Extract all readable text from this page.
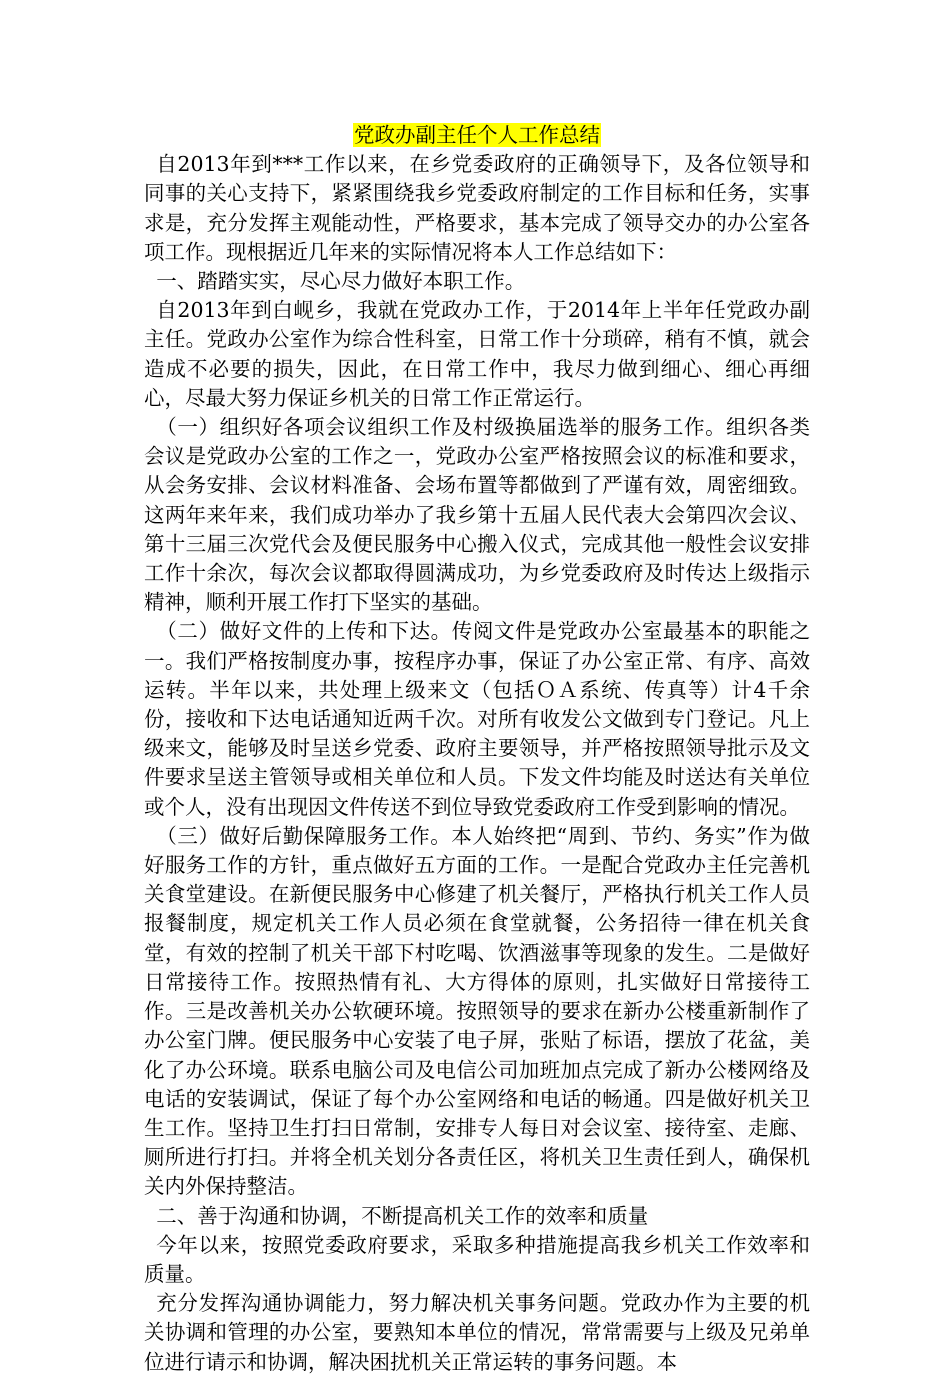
党政办副主任个人工作总结

自2013年到***工作以来，在乡党委政府的正确领导下，及各位领导和同事的关心支持下，紧紧围绕我乡党委政府制定的工作目标和任务，实事求是，充分发挥主观能动性，严格要求，基本完成了领导交办的办公室各项工作。现根据近几年来的实际情况将本人工作总结如下：

一、踏踏实实，尽心尽力做好本职工作。

自2013年到白岘乡，我就在党政办工作，于2014年上半年任党政办副主任。党政办公室作为综合性科室，日常工作十分琐碎，稍有不慎，就会造成不必要的损失，因此，在日常工作中，我尽力做到细心、细心再细心，尽最大努力保证乡机关的日常工作正常运行。

（一）组织好各项会议组织工作及村级换届选举的服务工作。组织各类会议是党政办公室的工作之一，党政办公室严格按照会议的标准和要求，从会务安排、会议材料准备、会场布置等都做到了严谨有效，周密细致。这两年来年来，我们成功举办了我乡第十五届人民代表大会第四次会议、第十三届三次党代会及便民服务中心搬入仪式，完成其他一般性会议安排工作十余次，每次会议都取得圆满成功，为乡党委政府及时传达上级指示精神，顺利开展工作打下坚实的基础。

（二）做好文件的上传和下达。传阅文件是党政办公室最基本的职能之一。我们严格按制度办事，按程序办事，保证了办公室正常、有序、高效运转。半年以来，共处理上级来文（包括ＯＡ系统、传真等）计4千余份，接收和下达电话通知近两千次。对所有收发公文做到专门登记。凡上级来文，能够及时呈送乡党委、政府主要领导，并严格按照领导批示及文件要求呈送主管领导或相关单位和人员。下发文件均能及时送达有关单位或个人，没有出现因文件传送不到位导致党委政府工作受到影响的情况。

（三）做好后勤保障服务工作。本人始终把“周到、节约、务实”作为做好服务工作的方针，重点做好五方面的工作。一是配合党政办主任完善机关食堂建设。在新便民服务中心修建了机关餐厅，严格执行机关工作人员报餐制度，规定机关工作人员必须在食堂就餐，公务招待一律在机关食堂，有效的控制了机关干部下村吃喝、饮酒滋事等现象的发生。二是做好日常接待工作。按照热情有礼、大方得体的原则，扎实做好日常接待工作。三是改善机关办公软硬环境。按照领导的要求在新办公楼重新制作了办公室门牌。便民服务中心安装了电子屏，张贴了标语，摆放了花盆，美化了办公环境。联系电脑公司及电信公司加班加点完成了新办公楼网络及电话的安装调试，保证了每个办公室网络和电话的畅通。四是做好机关卫生工作。坚持卫生打扫日常制，安排专人每日对会议室、接待室、走廊、厕所进行打扫。并将全机关划分各责任区，将机关卫生责任到人，确保机关内外保持整洁。

二、善于沟通和协调，不断提高机关工作的效率和质量

今年以来，按照党委政府要求，采取多种措施提高我乡机关工作效率和质量。

充分发挥沟通协调能力，努力解决机关事务问题。党政办作为主要的机关协调和管理的办公室，要熟知本单位的情况，常常需要与上级及兄弟单位进行请示和协调，解决困扰机关正常运转的事务问题。本
